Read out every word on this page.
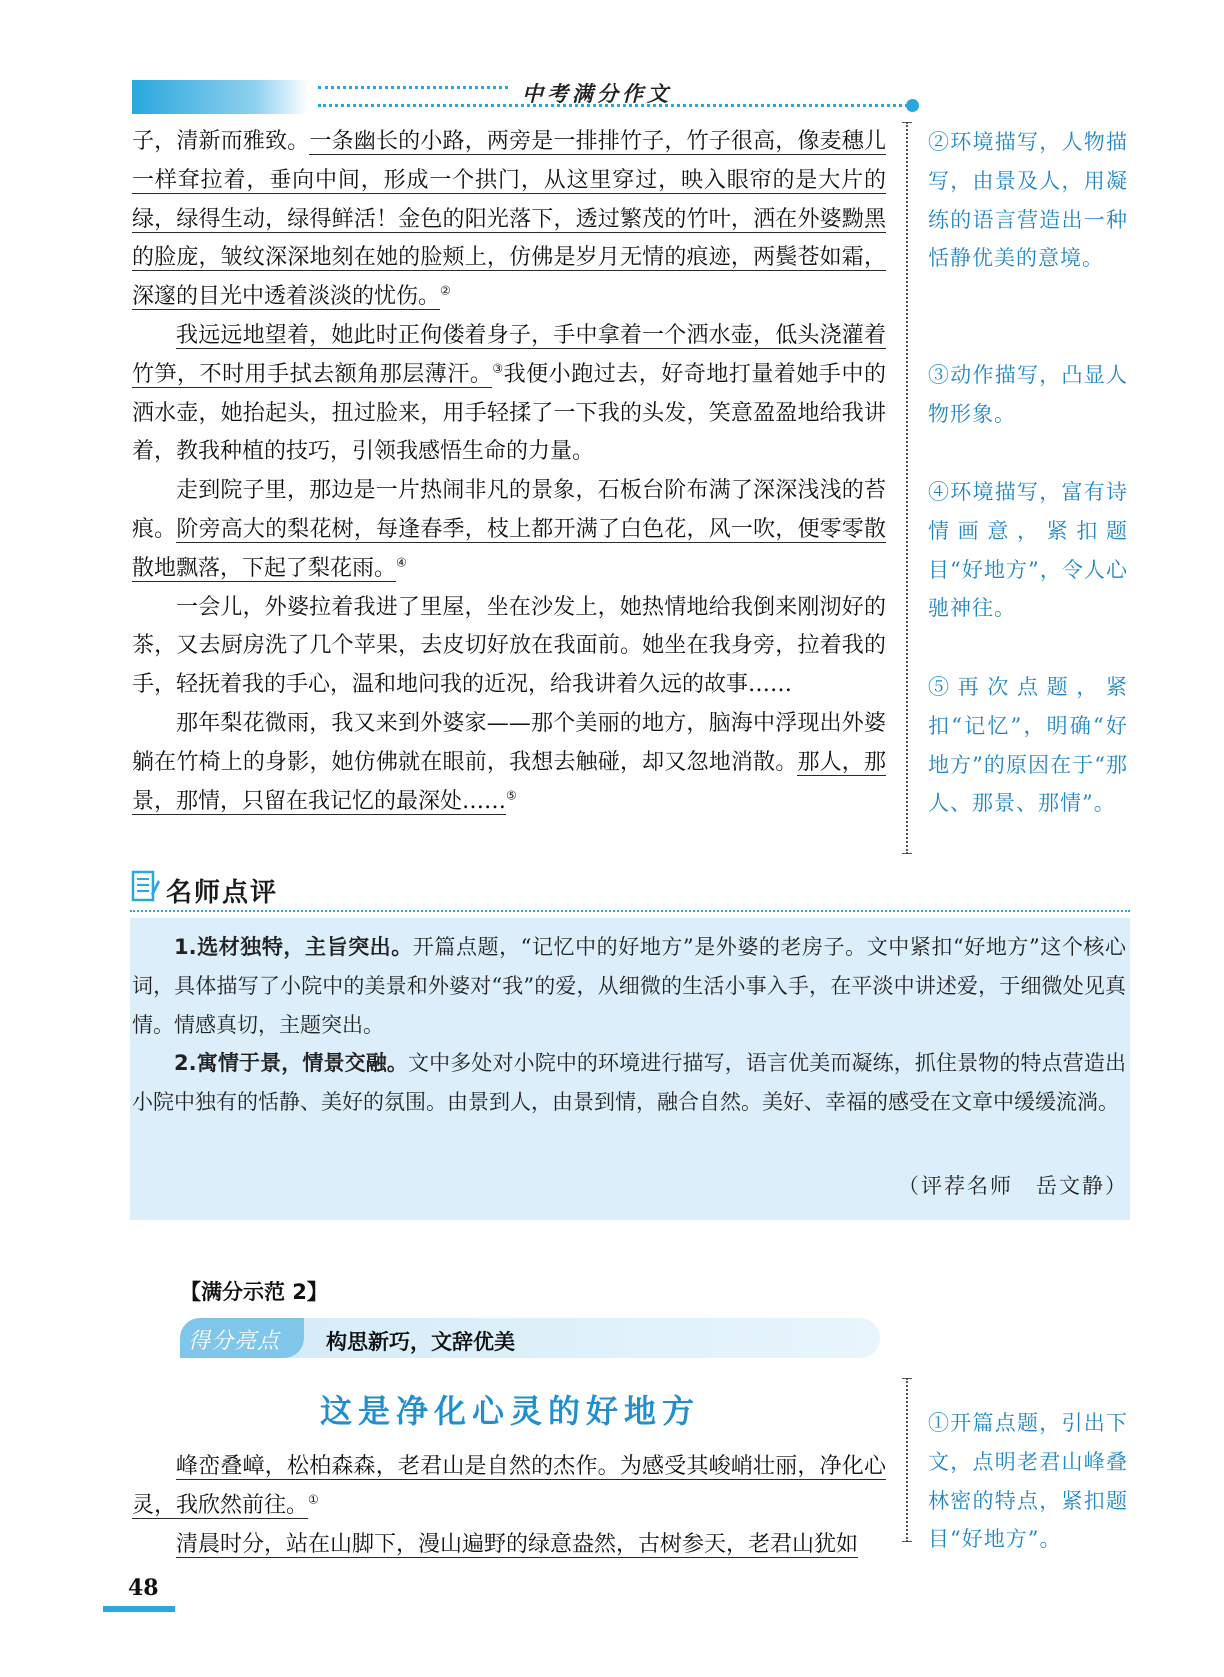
中考满分作文

子，清新而雅致。一条幽长的小路，两旁是一排排竹子，竹子很高，像麦穗儿一样耷拉着，垂向中间，形成一个拱门，从这里穿过，映入眼帘的是大片的绿，绿得生动，绿得鲜活！金色的阳光落下，透过繁茂的竹叶，洒在外婆黝黑的脸庞，皱纹深深地刻在她的脸颊上，仿佛是岁月无情的痕迹，两鬓苍如霜，深邃的目光中透着淡淡的忧伤。②

我远远地望着，她此时正佝偻着身子，手中拿着一个洒水壶，低头浇灌着竹笋，不时用手拭去额角那层薄汗。③我便小跑过去，好奇地打量着她手中的洒水壶，她抬起头，扭过脸来，用手轻揉了一下我的头发，笑意盈盈地给我讲着，教我种植的技巧，引领我感悟生命的力量。

走到院子里，那边是一片热闹非凡的景象，石板台阶布满了深深浅浅的苔痕。阶旁高大的梨花树，每逢春季，枝上都开满了白色花，风一吹，便零零散散地飘落，下起了梨花雨。④

一会儿，外婆拉着我进了里屋，坐在沙发上，她热情地给我倒来刚沏好的茶，又去厨房洗了几个苹果，去皮切好放在我面前。她坐在我身旁，拉着我的手，轻抚着我的手心，温和地问我的近况，给我讲着久远的故事……

那年梨花微雨，我又来到外婆家——那个美丽的地方，脑海中浮现出外婆躺在竹椅上的身影，她仿佛就在眼前，我想去触碰，却又忽地消散。那人，那景，那情，只留在我记忆的最深处……⑤

②环境描写，人物描写，由景及人，用凝练的语言营造出一种恬静优美的意境。
③动作描写，凸显人物形象。
④环境描写，富有诗情画意，紧扣题目“好地方”，令人心驰神往。
⑤再次点题，紧扣“记忆”，明确“好地方”的原因在于“那人、那景、那情”。
名师点评

1.选材独特，主旨突出。开篇点题，“记忆中的好地方”是外婆的老房子。文中紧扣“好地方”这个核心词，具体描写了小院中的美景和外婆对“我”的爱，从细微的生活小事入手，在平淡中讲述爱，于细微处见真情。情感真切，主题突出。

2.寓情于景，情景交融。文中多处对小院中的环境进行描写，语言优美而凝练，抓住景物的特点营造出小院中独有的恬静、美好的氛围。由景到人，由景到情，融合自然。美好、幸福的感受在文章中缓缓流淌。

（评荐名师　岳文静）
【满分示范 2】
得分亮点 构思新巧，文辞优美
这是净化心灵的好地方

峰峦叠嶂，松柏森森，老君山是自然的杰作。为感受其峻峭壮丽，净化心灵，我欣然前往。①

清晨时分，站在山脚下，漫山遍野的绿意盎然，古树参天，老君山犹如

①开篇点题，引出下文，点明老君山峰叠林密的特点，紧扣题目“好地方”。
48
